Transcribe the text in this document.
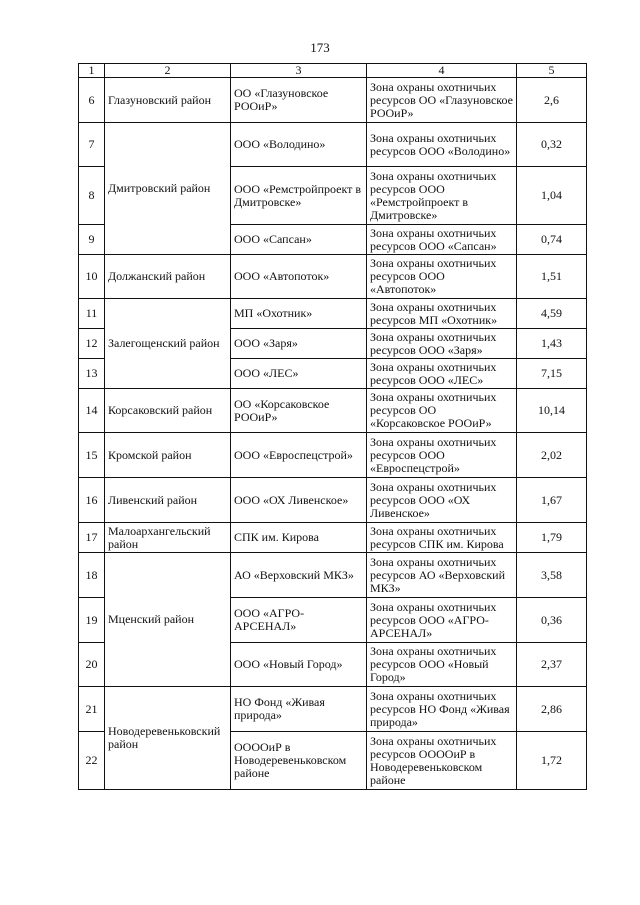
173
1	2	3	4	5
6	Глазуновский район	ОО «Глазуновское РООиР»	Зона охраны охотничьих ресурсов ОО «Глазуновское РООиР»	2,6
7	Дмитровский район	ООО «Володино»	Зона охраны охотничьих ресурсов ООО «Володино»	0,32
8		ООО «Ремстройпроект в Дмитровске»	Зона охраны охотничьих ресурсов ООО «Ремстройпроект в Дмитровске»	1,04
9		ООО «Сапсан»	Зона охраны охотничьих ресурсов ООО «Сапсан»	0,74
10	Должанский район	ООО «Автопоток»	Зона охраны охотничьих ресурсов ООО «Автопоток»	1,51
11	Залегощенский район	МП «Охотник»	Зона охраны охотничьих ресурсов МП «Охотник»	4,59
12		ООО «Заря»	Зона охраны охотничьих ресурсов ООО «Заря»	1,43
13		ООО «ЛЕС»	Зона охраны охотничьих ресурсов ООО «ЛЕС»	7,15
14	Корсаковский район	ОО «Корсаковское РООиР»	Зона охраны охотничьих ресурсов ОО «Корсаковское РООиР»	10,14
15	Кромской район	ООО «Евроспецстрой»	Зона охраны охотничьих ресурсов ООО «Евроспецстрой»	2,02
16	Ливенский район	ООО «ОХ Ливенское»	Зона охраны охотничьих ресурсов ООО «ОХ Ливенское»	1,67
17	Малоархангельский район	СПК им. Кирова	Зона охраны охотничьих ресурсов СПК им. Кирова	1,79
18	Мценский район	АО «Верховский МКЗ»	Зона охраны охотничьих ресурсов АО «Верховский МКЗ»	3,58
19		ООО «АГРО-АРСЕНАЛ»	Зона охраны охотничьих ресурсов ООО «АГРО-АРСЕНАЛ»	0,36
20		ООО «Новый Город»	Зона охраны охотничьих ресурсов ООО «Новый Город»	2,37
21	Новодеревеньковский район	НО Фонд «Живая природа»	Зона охраны охотничьих ресурсов НО Фонд «Живая природа»	2,86
22		ООООиР в Новодеревеньковском районе	Зона охраны охотничьих ресурсов ООООиР в Новодеревеньковском районе	1,72
